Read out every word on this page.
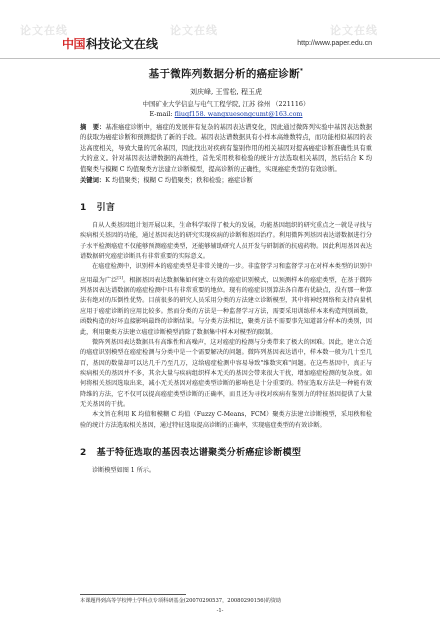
中国 科技论文在线	http://www.paper.edu.cn
论文在线	论文在线	论文在线
基于微阵列数据分析的癌症诊断*
刘庆峰, 王雪松, 程玉虎
中国矿业大学信息与电气工程学院, 江苏 徐州 （221116）
E-mail: fliuqf158. wangxuesongcumt@163.com
摘　要：基准癌症诊断中，癌症的发展伴有复杂的基因表达谱变化，因此通过微阵列实验中基因表达数据的获取为癌症诊断和预测提供了新的手段。基因表达谱数据具有小样本高维数特点，而功能相似基因的表达高度相关，导致大量的冗余基因，因此找出对疾病有鉴别作用的相关基因对提高癌症诊断准确性具有重大的意义。针对基因表达谱数据的高维性，首先采用秩和检验的统计方法选取相关基因，然后结合 K 均值聚类与模糊 C 均值聚类方法建立诊断模型，提高诊断的正确性，实现癌症类型的有效诊断。
关键词：K 均值聚类；模糊 C 均值聚类；秩和检验；癌症诊断
1 引言

自从人类基因组计划开展以来，生命科学取得了极大的发展，功能基因组织的研究重点之一就是寻找与疾病相关基因的功能，通过基因表达的研究实现疾病的诊断和基因治疗。利用微阵列基因表达谱数据进行分子水平检测癌症不仅能够预测癌症类型，还能够辅助研究人员开发与研制新的抗癌药物。因此利用基因表达谱数据研究癌症诊断具有非常重要的实际意义。

在癌症检测中，识别样本的癌症类型是非常关键的一步。非监督学习和监督学习在对样本类型的识别中应用最为广泛[1]。根据基因表达数据集如何建立有效的癌症识别模式，以预测样本的癌症类型，在基于微阵列基因表达谱数据的癌症检测中具有非常重要的地位。现有的癌症识别算法各自都有优缺点，没有那一种算法有绝对的压倒性优势。目前很多的研究人员采用分类的方法建立诊断模型，其中将神经网络和支持向量机应用于癌症诊断的应用比较多。然而分类的方法是一种监督学习方法，需要采用训练样本来构造判别函数，函数构造的好坏直接影响最终的诊断结果。与分类方法相比，聚类方法不需要事先知道部分样本的类别，因此，利用聚类方法建立癌症诊断模型消除了数据集中样本对模型的限制。

微阵列基因表达数据具有高维性和高噪声，这对癌症的检测与分类带来了极大的困难。因此，建立合适的癌症识别模型在癌症检测与分类中是一个需要解决的问题。微阵列基因表达谱中，样本数一般为几十至几百，基因的数量却可以达几千乃至几万，这给癌症检测中容易导致"维数灾难"问题。在这些基因中，真正与疾病相关的基因并不多，其余大量与疾病组织样本无关的基因会带来很大干扰，增加癌症检测的复杂度。如何将相关基因选取出来，减小无关基因对癌症类型诊断的影响也是十分重要的。特征选取方法是一种能有效降维的方法，它不仅可以提高癌症类型诊断的正确率，而且还为寻找对疾病有鉴别力的特征基因提供了大量无关基因的干扰。

本文旨在利用 K 均值和模糊 C 均值（Fuzzy C-Means，FCM）聚类方法建立诊断模型，采用秩和检验的统计方法选取相关基因，通过特征选取提高诊断的正确率，实现癌症类型的有效诊断。

2 基于特征选取的基因表达谱聚类分析癌症诊断模型

诊断模型如图 1 所示。

本课题得到高等学校博士学科点专项科研基金(20070290537，20080290156)的资助
-1-
